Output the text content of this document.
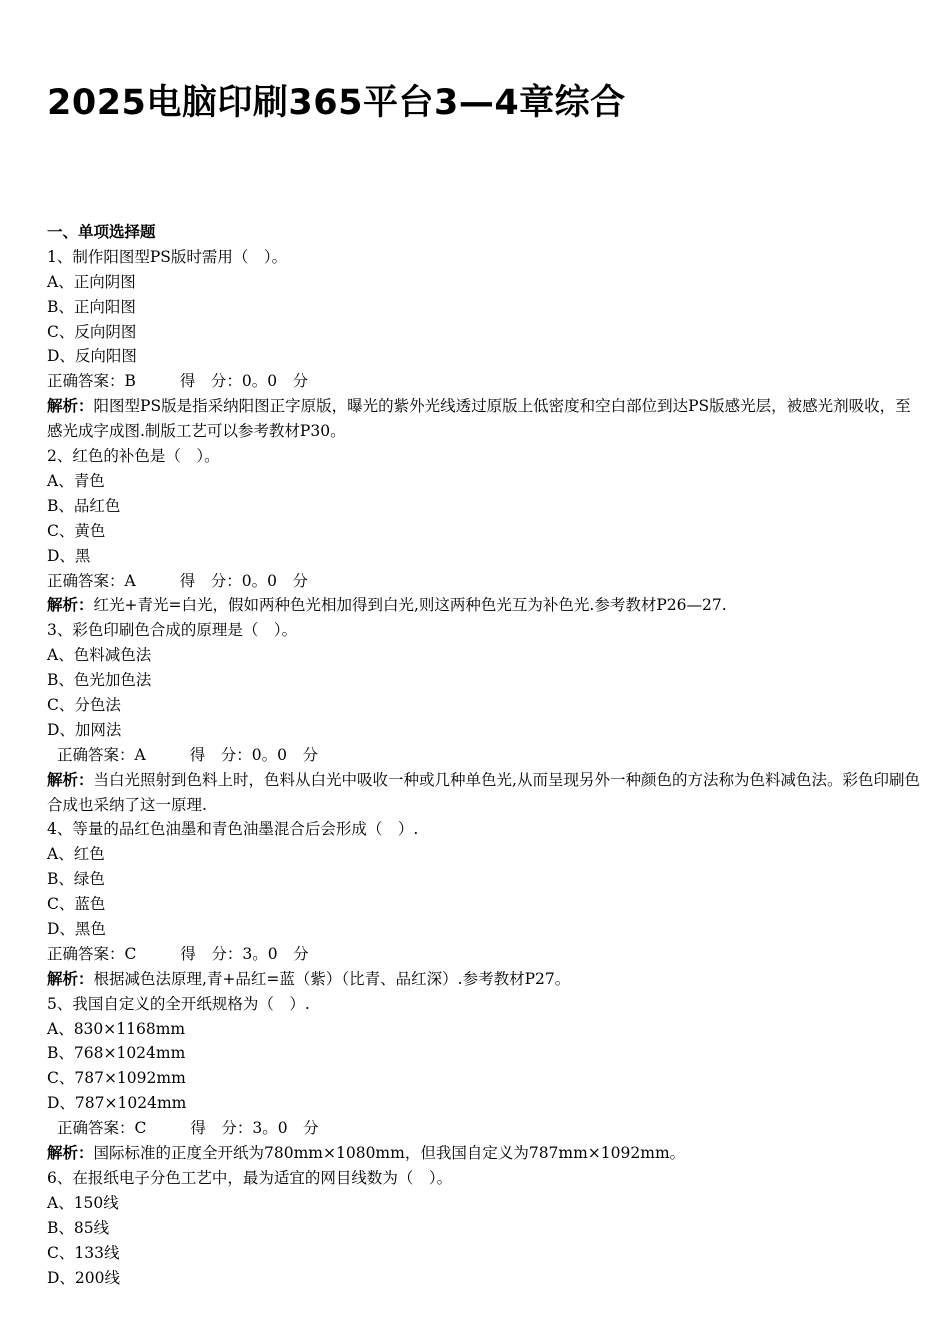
2025电脑印刷365平台3—4章综合
一、单项选择题
1、制作阳图型PS版时需用（　）。
A、正向阴图
B、正向阳图
C、反向阴图
D、反向阳图
正确答案：B	得　分：0。0　分
解析：阳图型PS版是指采纳阳图正字原版，曝光的紫外光线透过原版上低密度和空白部位到达PS版感光层，被感光剂吸收，至感光成字成图.制版工艺可以参考教材P30。
2、红色的补色是（　）。
A、青色
B、品红色
C、黄色
D、黑
正确答案：A	得　分：0。0　分
解析：红光+青光=白光，假如两种色光相加得到白光,则这两种色光互为补色光.参考教材P26—27.
3、彩色印刷色合成的原理是（　）。
A、色料减色法
B、色光加色法
C、分色法
D、加网法
正确答案：A	得　分：0。0　分
解析：当白光照射到色料上时，色料从白光中吸收一种或几种单色光,从而呈现另外一种颜色的方法称为色料减色法。彩色印刷色合成也采纳了这一原理.
4、等量的品红色油墨和青色油墨混合后会形成（　）.
A、红色
B、绿色
C、蓝色
D、黑色
正确答案：C	得　分：3。0　分
解析：根据减色法原理,青+品红=蓝（紫）（比青、品红深）.参考教材P27。
5、我国自定义的全开纸规格为（　）.
A、830×1168mm
B、768×1024mm
C、787×1092mm
D、787×1024mm
正确答案：C	得　分：3。0　分
解析：国际标准的正度全开纸为780mm×1080mm，但我国自定义为787mm×1092mm。
6、在报纸电子分色工艺中，最为适宜的网目线数为（　）。
A、150线
B、85线
C、133线
D、200线
